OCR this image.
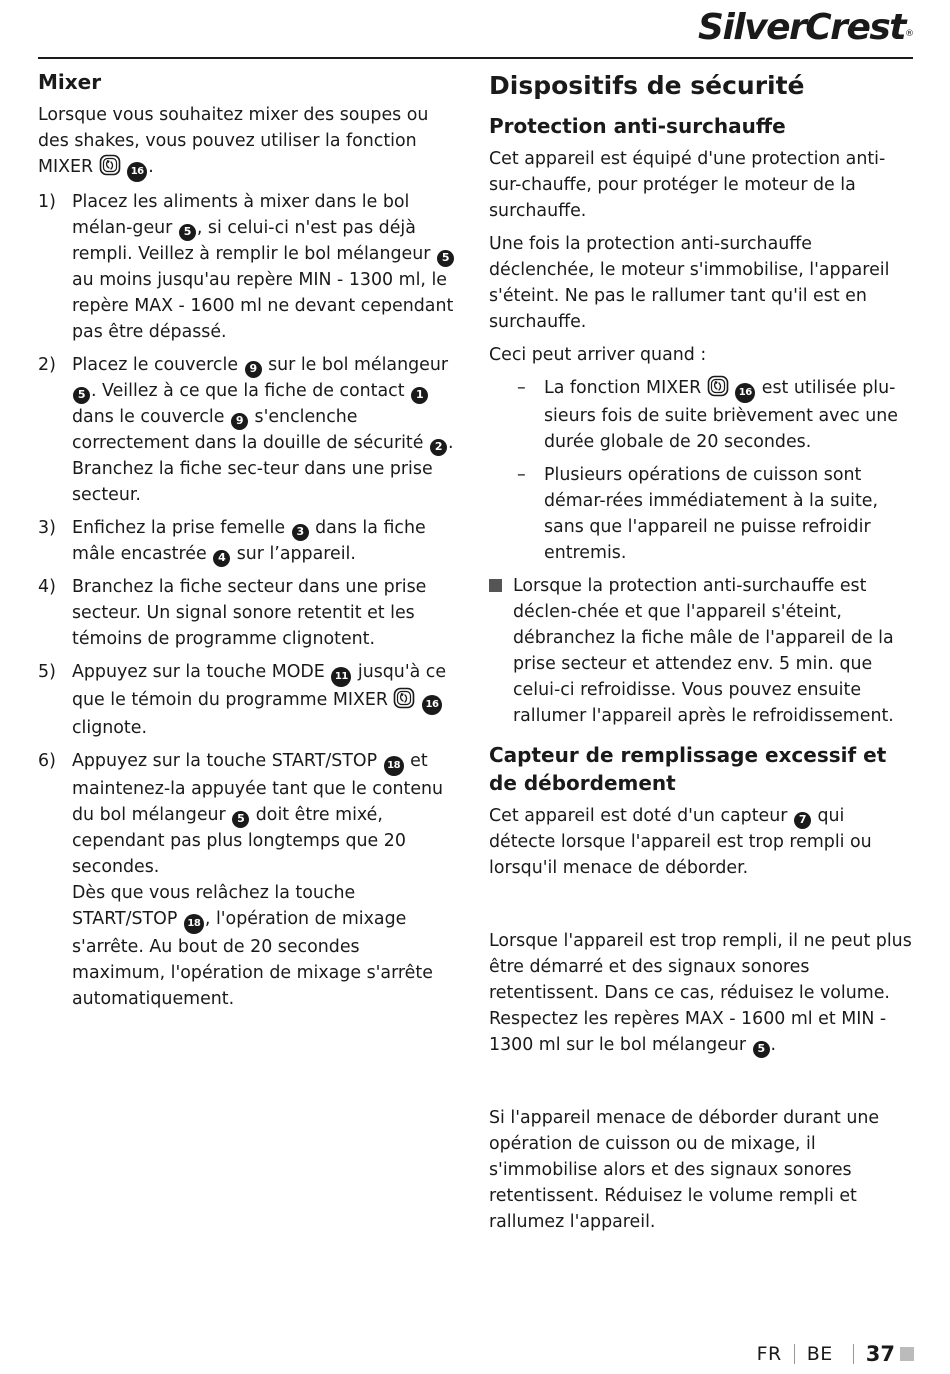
SilverCrest®
Mixer

Lorsque vous souhaitez mixer des soupes ou des shakes, vous pouvez utiliser la fonction MIXER	16 .

1) Placez les aliments à mixer dans le bol mélan-geur 5 , si celui-ci n'est pas déjà rempli. Veillez à remplir le bol mélangeur 5 au moins jusqu'au repère MIN - 1300 ml, le repère MAX - 1600 ml ne devant cependant pas être dépassé.
2) Placez le couvercle 9 sur le bol mélangeur 5 . Veillez à ce que la fiche de contact 1 dans le couvercle 9 s'enclenche correctement dans la douille de sécurité 2 . Branchez la fiche sec-teur dans une prise secteur.
3) Enfichez la prise femelle 3 dans la fiche mâle encastrée 4 sur l’appareil.
4) Branchez la fiche secteur dans une prise secteur. Un signal sonore retentit et les témoins de programme clignotent.
5) Appuyez sur la touche MODE 11 jusqu'à ce que le témoin du programme MIXER	16 clignote.
6) Appuyez sur la touche START/STOP 18 et maintenez-la appuyée tant que le contenu du bol mélangeur 5 doit être mixé, cependant pas plus longtemps que 20 secondes.
Dès que vous relâchez la touche START/STOP 18 , l'opération de mixage s'arrête. Au bout de 20 secondes maximum, l'opération de mixage s'arrête automatiquement.
Dispositifs de sécurité
Protection anti-surchauffe

Cet appareil est équipé d'une protection anti-sur-chauffe, pour protéger le moteur de la surchauffe.

Une fois la protection anti-surchauffe déclenchée, le moteur s'immobilise, l'appareil s'éteint. Ne pas le rallumer tant qu'il est en surchauffe.

Ceci peut arriver quand :

– La fonction MIXER	16 est utilisée plu-sieurs fois de suite brièvement avec une durée globale de 20 secondes.
– Plusieurs opérations de cuisson sont démar-rées immédiatement à la suite, sans que l'appareil ne puisse refroidir entremis.
Lorsque la protection anti-surchauffe est déclen-chée et que l'appareil s'éteint, débranchez la fiche mâle de l'appareil de la prise secteur et attendez env. 5 min. que celui-ci refroidisse. Vous pouvez ensuite rallumer l'appareil après le refroidissement.
Capteur de remplissage excessif et de débordement

Cet appareil est doté d'un capteur 7 qui détecte lorsque l'appareil est trop rempli ou lorsqu'il menace de déborder.

Lorsque l'appareil est trop rempli, il ne peut plus être démarré et des signaux sonores retentissent. Dans ce cas, réduisez le volume. Respectez les repères MAX - 1600 ml et MIN - 1300 ml sur le bol mélangeur 5 .

Si l'appareil menace de déborder durant une opération de cuisson ou de mixage, il s'immobilise alors et des signaux sonores retentissent. Réduisez le volume rempli et rallumez l'appareil.

FR BE 37
